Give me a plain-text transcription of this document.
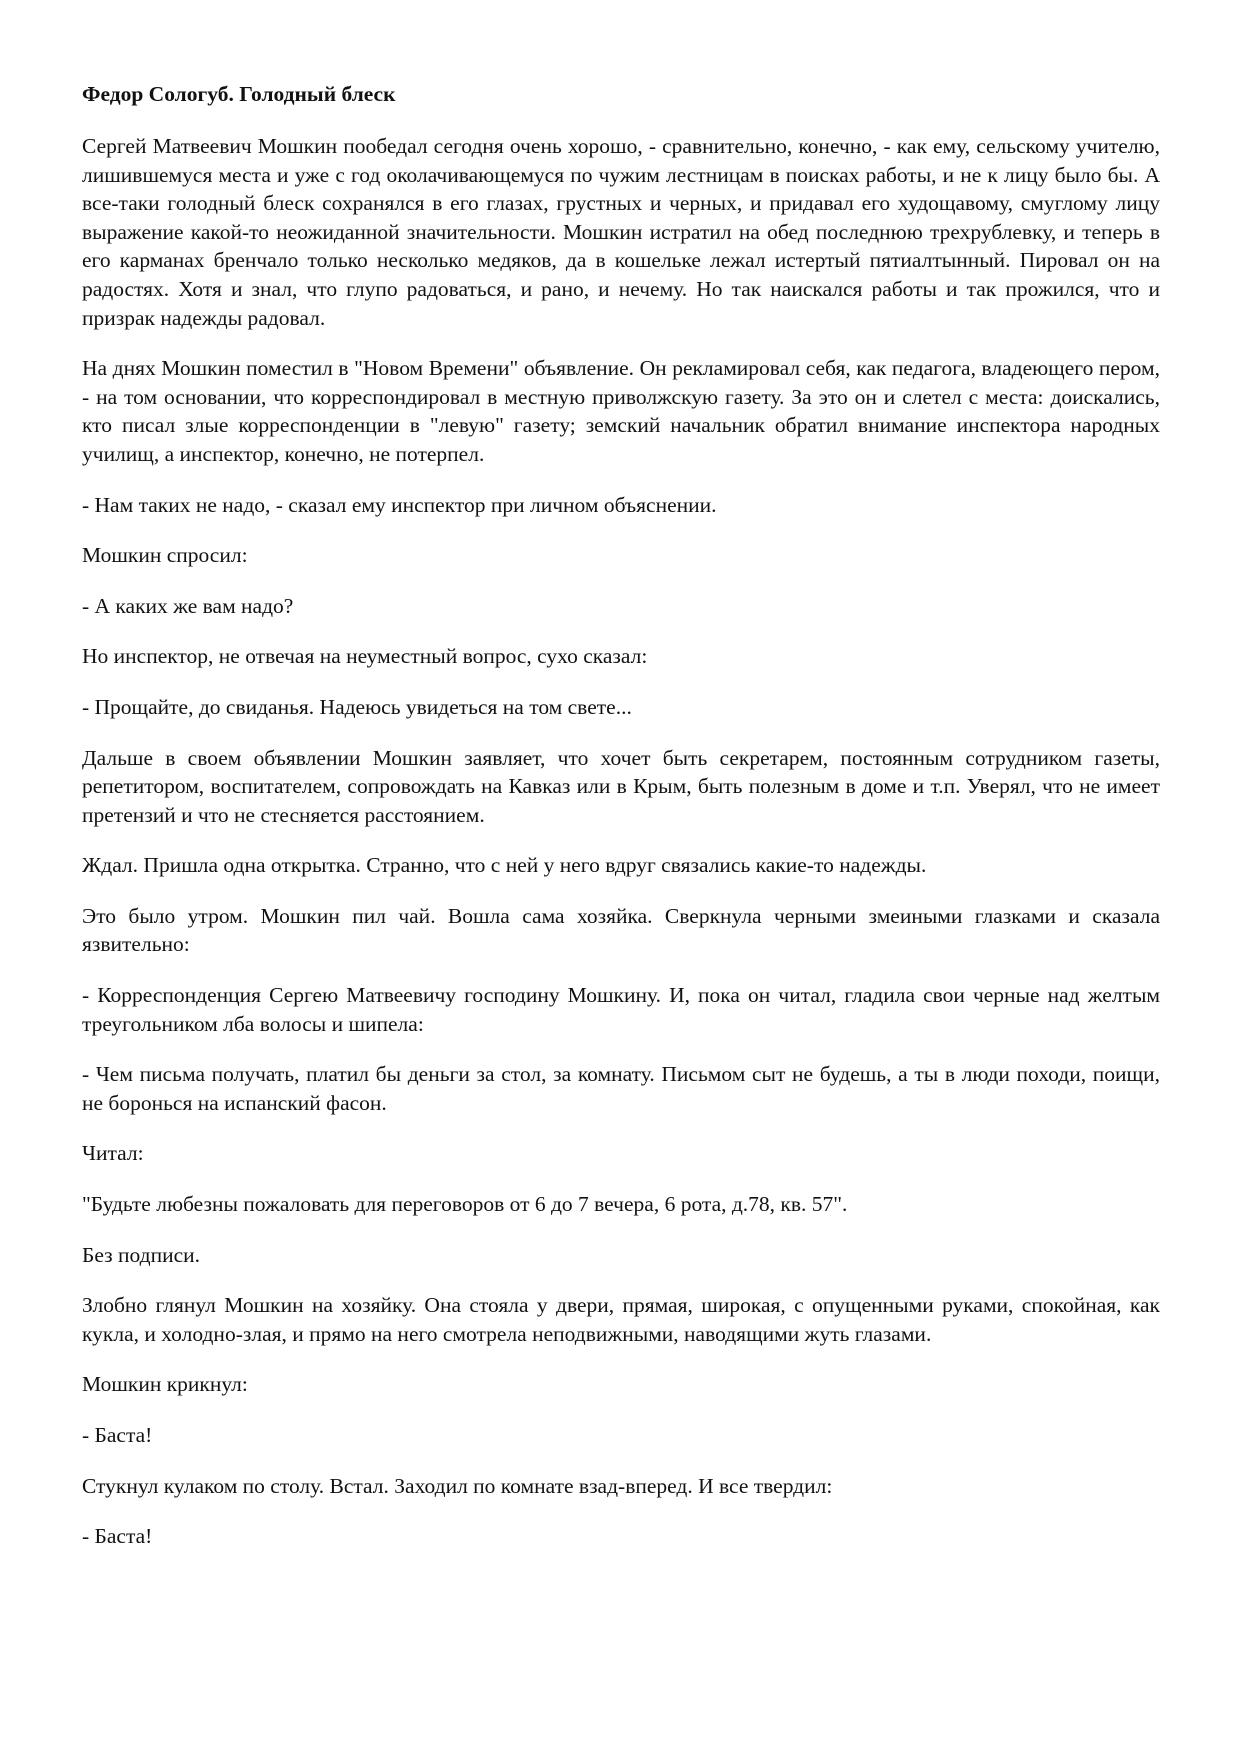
Федор Сологуб. Голодный блеск

Сергей Матвеевич Мошкин пообедал сегодня очень хорошо, - сравнительно, конечно, - как ему, сельскому учителю, лишившемуся места и уже с год околачивающемуся по чужим лестницам в поисках работы, и не к лицу было бы. А все-таки голодный блеск сохранялся в его глазах, грустных и черных, и придавал его худощавому, смуглому лицу выражение какой-то неожиданной значительности. Мошкин истратил на обед последнюю трехрублевку, и теперь в его карманах бренчало только несколько медяков, да в кошельке лежал истертый пятиалтынный. Пировал он на радостях. Хотя и знал, что глупо радоваться, и рано, и нечему. Но так наискался работы и так прожился, что и призрак надежды радовал.

На днях Мошкин поместил в "Новом Времени" объявление. Он рекламировал себя, как педагога, владеющего пером, - на том основании, что корреспондировал в местную приволжскую газету. За это он и слетел с места: доискались, кто писал злые корреспонденции в "левую" газету; земский начальник обратил внимание инспектора народных училищ, а инспектор, конечно, не потерпел.

- Нам таких не надо, - сказал ему инспектор при личном объяснении.

Мошкин спросил:

- А каких же вам надо?

Но инспектор, не отвечая на неуместный вопрос, сухо сказал:

- Прощайте, до свиданья. Надеюсь увидеться на том свете...

Дальше в своем объявлении Мошкин заявляет, что хочет быть секретарем, постоянным сотрудником газеты, репетитором, воспитателем, сопровождать на Кавказ или в Крым, быть полезным в доме и т.п. Уверял, что не имеет претензий и что не стесняется расстоянием.

Ждал. Пришла одна открытка. Странно, что с ней у него вдруг связались какие-то надежды.

Это было утром. Мошкин пил чай. Вошла сама хозяйка. Сверкнула черными змеиными глазками и сказала язвительно:

- Корреспонденция Сергею Матвеевичу господину Мошкину. И, пока он читал, гладила свои черные над желтым треугольником лба волосы и шипела:

- Чем письма получать, платил бы деньги за стол, за комнату. Письмом сыт не будешь, а ты в люди походи, поищи, не боронься на испанский фасон.

Читал:

"Будьте любезны пожаловать для переговоров от 6 до 7 вечера, 6 рота, д.78, кв. 57".

Без подписи.

Злобно глянул Мошкин на хозяйку. Она стояла у двери, прямая, широкая, с опущенными руками, спокойная, как кукла, и холодно-злая, и прямо на него смотрела неподвижными, наводящими жуть глазами.

Мошкин крикнул:

- Баста!

Стукнул кулаком по столу. Встал. Заходил по комнате взад-вперед. И все твердил:

- Баста!
